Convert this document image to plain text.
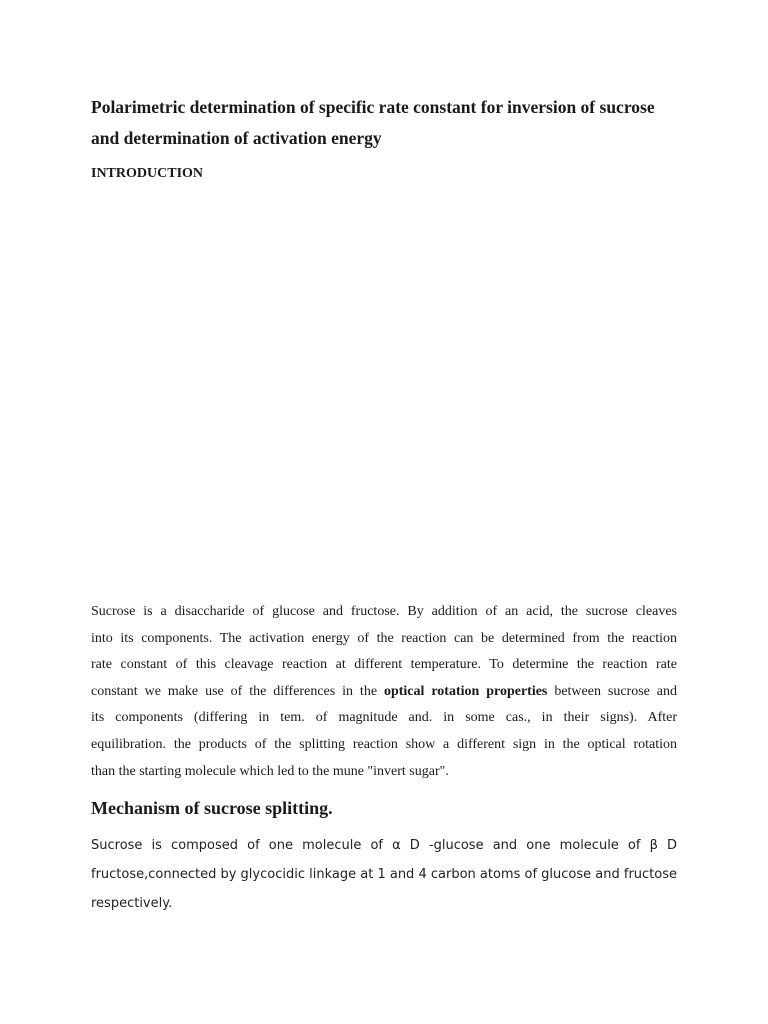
Polarimetric determination of specific rate constant for inversion of sucrose
and determination of activation energy
INTRODUCTION

Sucrose is a disaccharide of glucose and fructose. By addition of an acid, the sucrose cleaves
into its components. The activation energy of the reaction can be determined from the reaction
rate constant of this cleavage reaction at different temperature. To determine the reaction rate
constant we make use of the differences in the optical rotation properties between sucrose and
its components (differing in tem. of magnitude and. in some cas., in their signs). After
equilibration. the products of the splitting reaction show a different sign in the optical rotation
than the starting molecule which led to the mune "invert sugar".

Mechanism of sucrose splitting.

Sucrose is composed of one molecule of α D -glucose and one molecule of β D
fructose,connected by glycocidic linkage at 1 and 4 carbon atoms of glucose and fructose
respectively.
